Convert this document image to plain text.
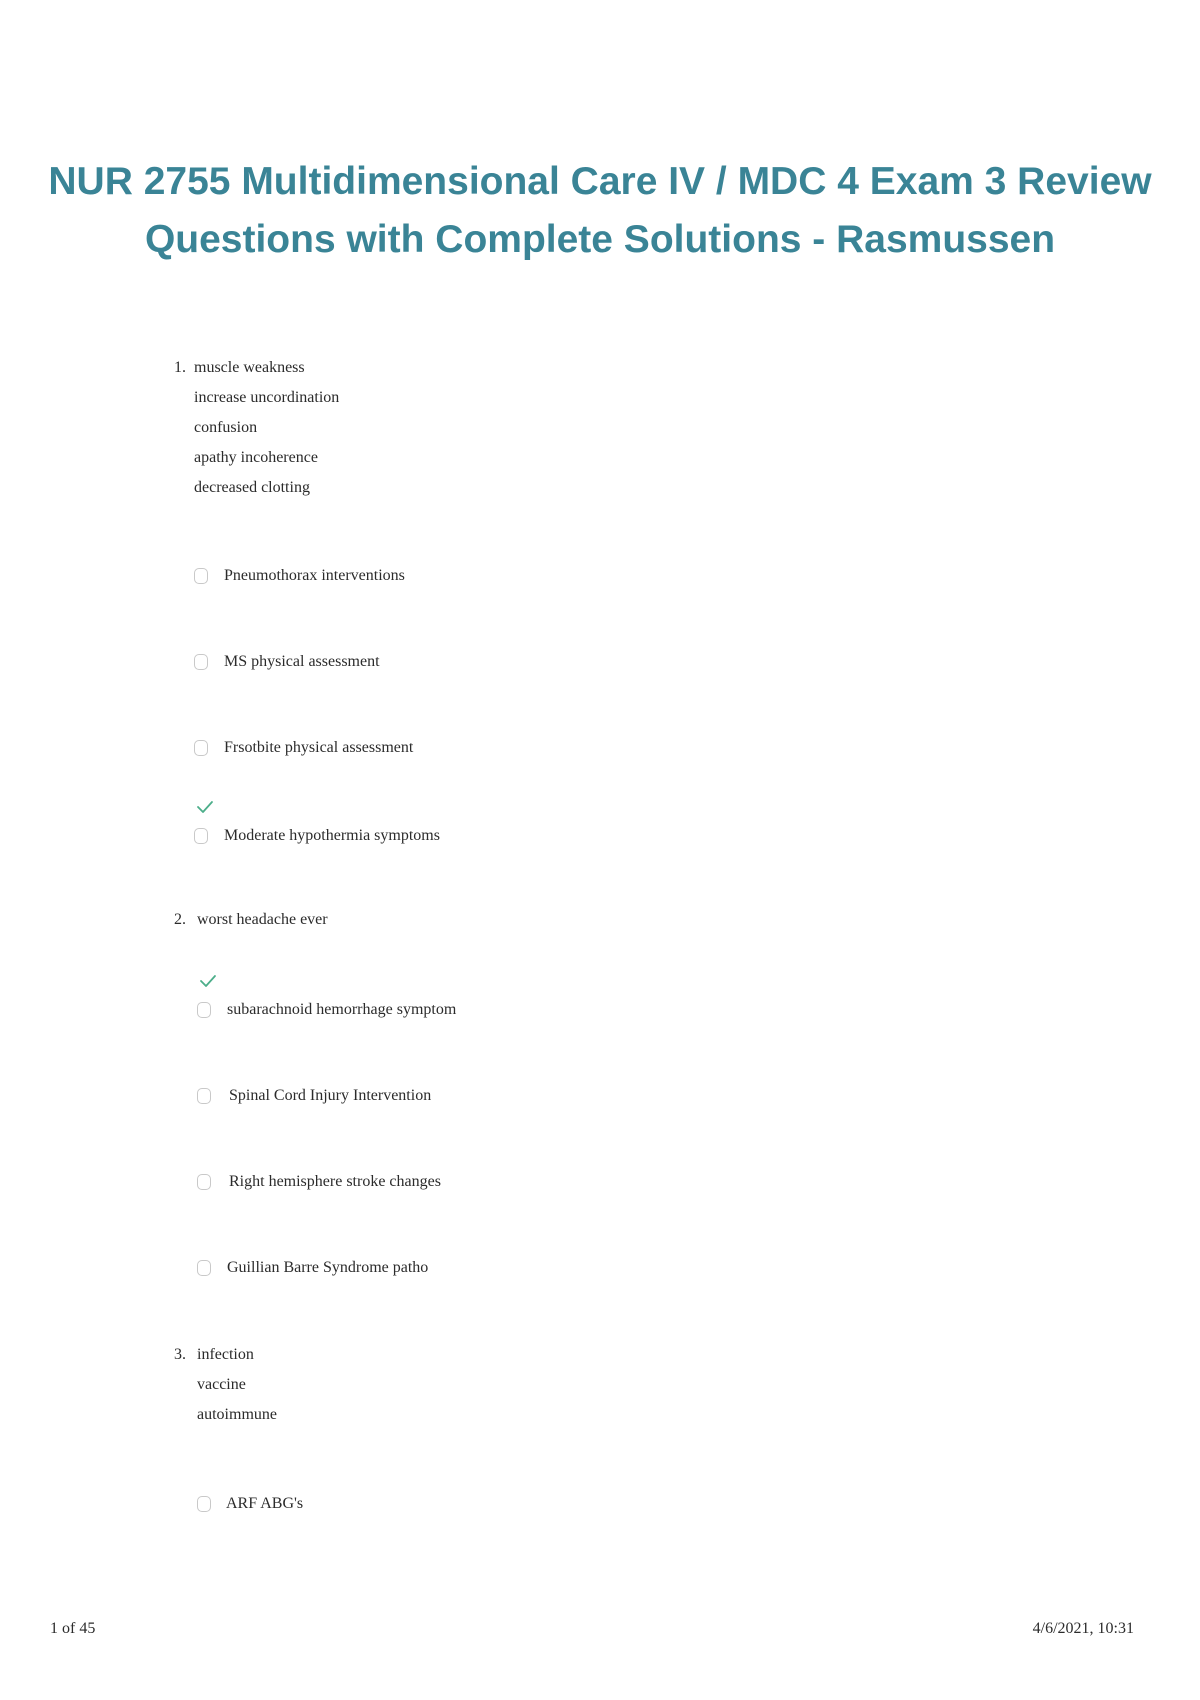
NUR 2755 Multidimensional Care IV / MDC 4 Exam 3 Review
Questions with Complete Solutions - Rasmussen
1. muscle weakness
increase uncordination
confusion
apathy incoherence
decreased clotting
Pneumothorax interventions
MS physical assessment
Frsotbite physical assessment
Moderate hypothermia symptoms
2. worst headache ever
subarachnoid hemorrhage symptom
Spinal Cord Injury Intervention
Right hemisphere stroke changes
Guillian Barre Syndrome patho
3. infection
vaccine
autoimmune
ARF ABG's
1 of 45	4/6/2021, 10:31
